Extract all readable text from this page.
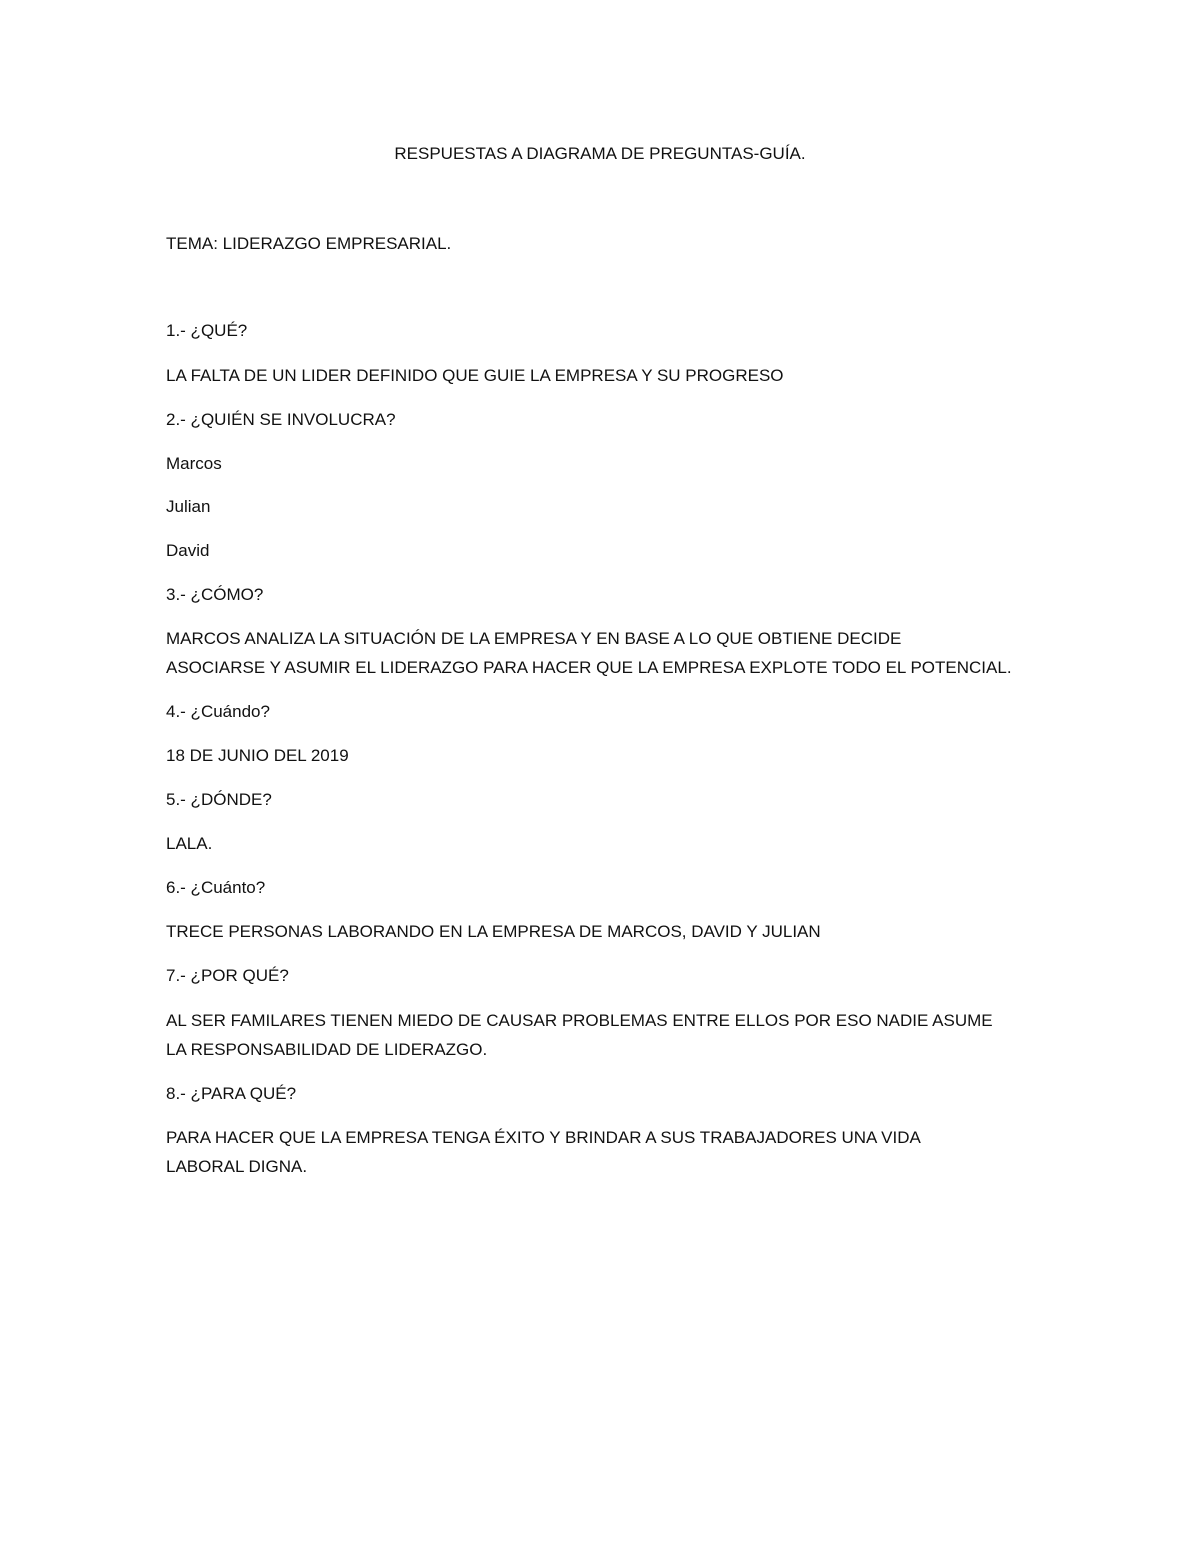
RESPUESTAS A DIAGRAMA DE PREGUNTAS-GUÍA.

TEMA: LIDERAZGO EMPRESARIAL.

1.- ¿QUÉ?

LA FALTA DE UN LIDER DEFINIDO QUE GUIE LA EMPRESA Y SU PROGRESO

2.- ¿QUIÉN SE INVOLUCRA?

Marcos

Julian

David

3.- ¿CÓMO?

MARCOS ANALIZA LA SITUACIÓN DE LA EMPRESA Y EN BASE A LO QUE OBTIENE DECIDE

ASOCIARSE Y ASUMIR EL LIDERAZGO PARA HACER QUE LA EMPRESA EXPLOTE TODO EL POTENCIAL.

4.- ¿Cuándo?

18 DE JUNIO DEL 2019

5.- ¿DÓNDE?

LALA.

6.- ¿Cuánto?

TRECE PERSONAS LABORANDO EN LA EMPRESA DE MARCOS, DAVID Y JULIAN

7.- ¿POR QUÉ?

AL SER FAMILARES TIENEN MIEDO DE CAUSAR PROBLEMAS ENTRE ELLOS POR ESO NADIE ASUME

LA RESPONSABILIDAD DE LIDERAZGO.

8.- ¿PARA QUÉ?

PARA HACER QUE LA EMPRESA TENGA ÉXITO Y BRINDAR A SUS TRABAJADORES UNA VIDA

LABORAL DIGNA.
